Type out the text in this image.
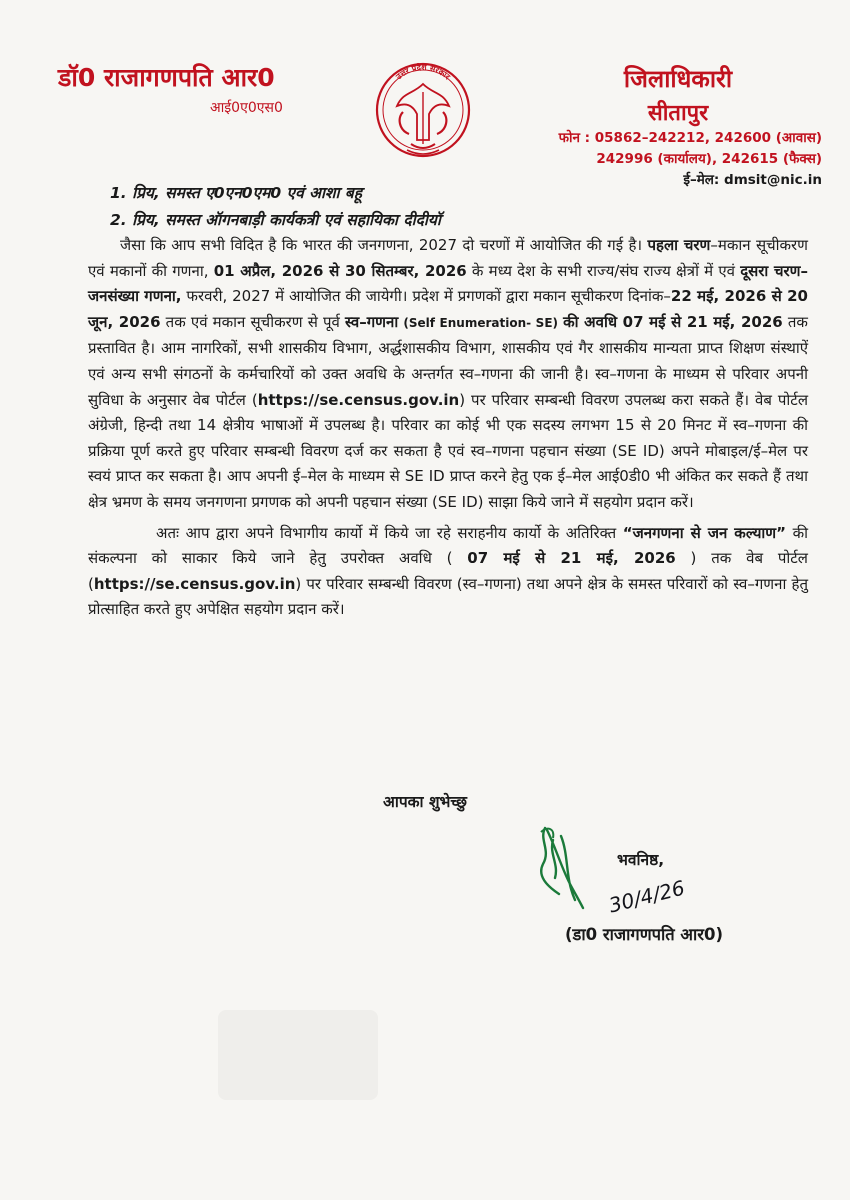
डॉ0 राजागणपति आर0
आई0ए0एस0
उत्तर प्रदेश सरकार	जिलाधिकारी
सीतापुर
फोन : 05862–242212, 242600 (आवास)
242996 (कार्यालय), 242615 (फैक्स)
ई–मेल: dmsit@nic.in
1. प्रिय, समस्त ए0एन0एम0 एवं आशा बहू
2. प्रिय, समस्त ऑगनबाड़ी कार्यकत्री एवं सहायिका दीदीयॉ

जैसा कि आप सभी विदित है कि भारत की जनगणना, 2027 दो चरणों में आयोजित की गई है। पहला चरण–मकान सूचीकरण एवं मकानों की गणना, 01 अप्रैल, 2026 से 30 सितम्बर, 2026 के मध्य देश के सभी राज्य/संघ राज्य क्षेत्रों में एवं दूसरा चरण–जनसंख्या गणना, फरवरी, 2027 में आयोजित की जायेगी। प्रदेश में प्रगणकों द्वारा मकान सूचीकरण दिनांक–22 मई, 2026 से 20 जून, 2026 तक एवं मकान सूचीकरण से पूर्व स्व–गणना (Self Enumeration- SE) की अवधि 07 मई से 21 मई, 2026 तक प्रस्तावित है। आम नागरिकों, सभी शासकीय विभाग, अर्द्धशासकीय विभाग, शासकीय एवं गैर शासकीय मान्यता प्राप्त शिक्षण संस्थाऐं एवं अन्य सभी संगठनों के कर्मचारियों को उक्त अवधि के अन्तर्गत स्व–गणना की जानी है। स्व–गणना के माध्यम से परिवार अपनी सुविधा के अनुसार वेब पोर्टल (https://se.census.gov.in) पर परिवार सम्बन्धी विवरण उपलब्ध करा सकते हैं। वेब पोर्टल अंग्रेजी, हिन्दी तथा 14 क्षेत्रीय भाषाओं में उपलब्ध है। परिवार का कोई भी एक सदस्य लगभग 15 से 20 मिनट में स्व–गणना की प्रक्रिया पूर्ण करते हुए परिवार सम्बन्धी विवरण दर्ज कर सकता है एवं स्व–गणना पहचान संख्या (SE ID) अपने मोबाइल/ई–मेल पर स्वयं प्राप्त कर सकता है। आप अपनी ई–मेल के माध्यम से SE ID प्राप्त करने हेतु एक ई–मेल आई0डी0 भी अंकित कर सकते हैं तथा क्षेत्र भ्रमण के समय जनगणना प्रगणक को अपनी पहचान संख्या (SE ID) साझा किये जाने में सहयोग प्रदान करें।

अतः आप द्वारा अपने विभागीय कार्यो में किये जा रहे सराहनीय कार्यो के अतिरिक्त “जनगणना से जन कल्याण” की संकल्पना को साकार किये जाने हेतु उपरोक्त अवधि ( 07 मई से 21 मई, 2026 ) तक वेब पोर्टल (https://se.census.gov.in) पर परिवार सम्बन्धी विवरण (स्व–गणना) तथा अपने क्षेत्र के समस्त परिवारों को स्व–गणना हेतु प्रोत्साहित करते हुए अपेक्षित सहयोग प्रदान करें।

आपका शुभेच्छु
30/4/26
भवनिष्ठ,
(डा0 राजागणपति आर0)
